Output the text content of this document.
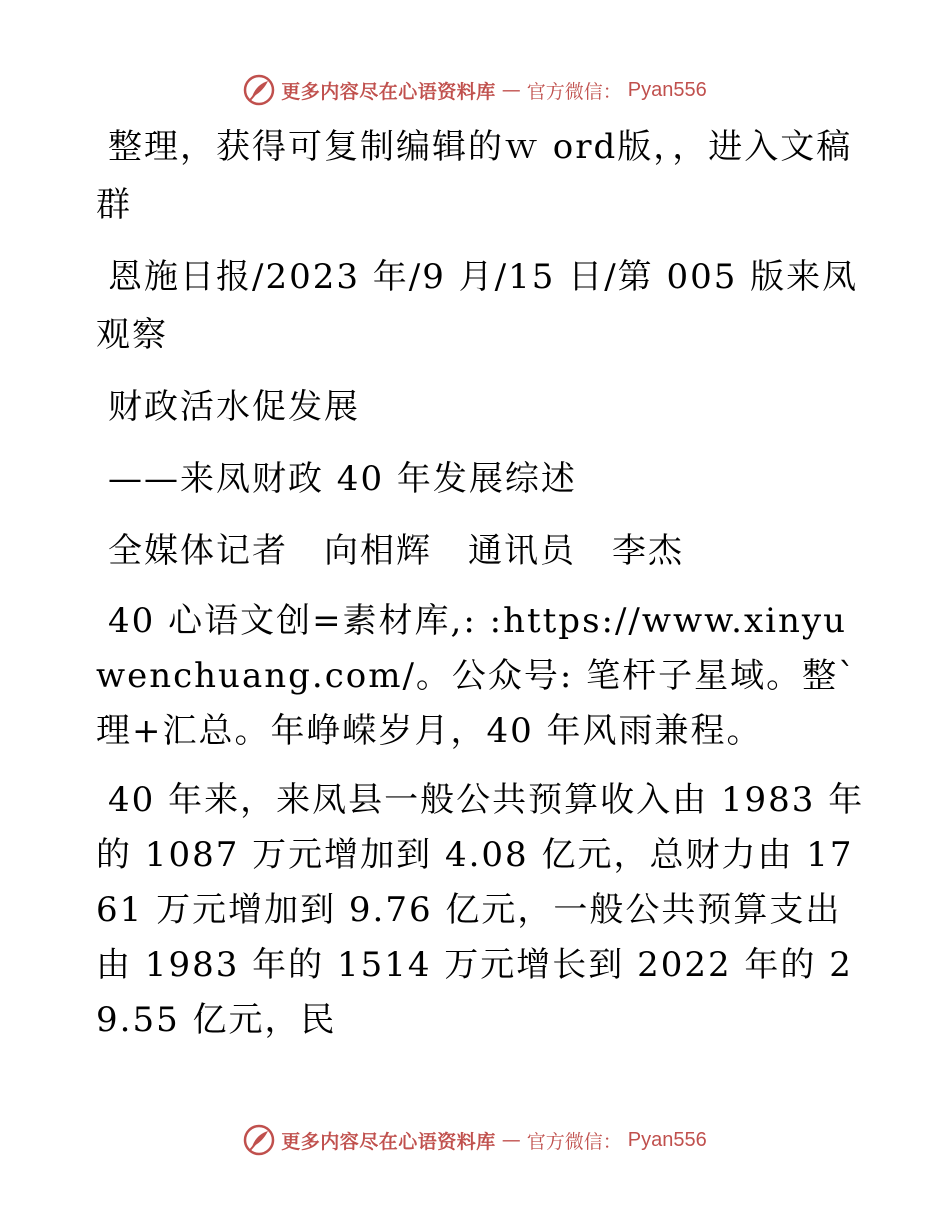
更多内容尽在心语资料库 — 官方微信： Pyan556

整理，获得可复制编辑的ｗ ord版，，进入文稿群

恩施日报/2023 年/9 月/15 日/第 005 版来凤观察

财政活水促发展

——来凤财政 40 年发展综述

全媒体记者　向相辉　通讯员　李杰

40 心语文创=素材库,: :https://www.xinyuwenchuang.com/。公众号: 笔杆子星域。整`理+汇总。年峥嵘岁月，40 年风雨兼程。

40 年来，来凤县一般公共预算收入由 1983 年的 1087 万元增加到 4.08 亿元，总财力由 1761 万元增加到 9.76 亿元，一般公共预算支出由 1983 年的 1514 万元增长到 2022 年的 29.55 亿元，民

更多内容尽在心语资料库 — 官方微信： Pyan556
